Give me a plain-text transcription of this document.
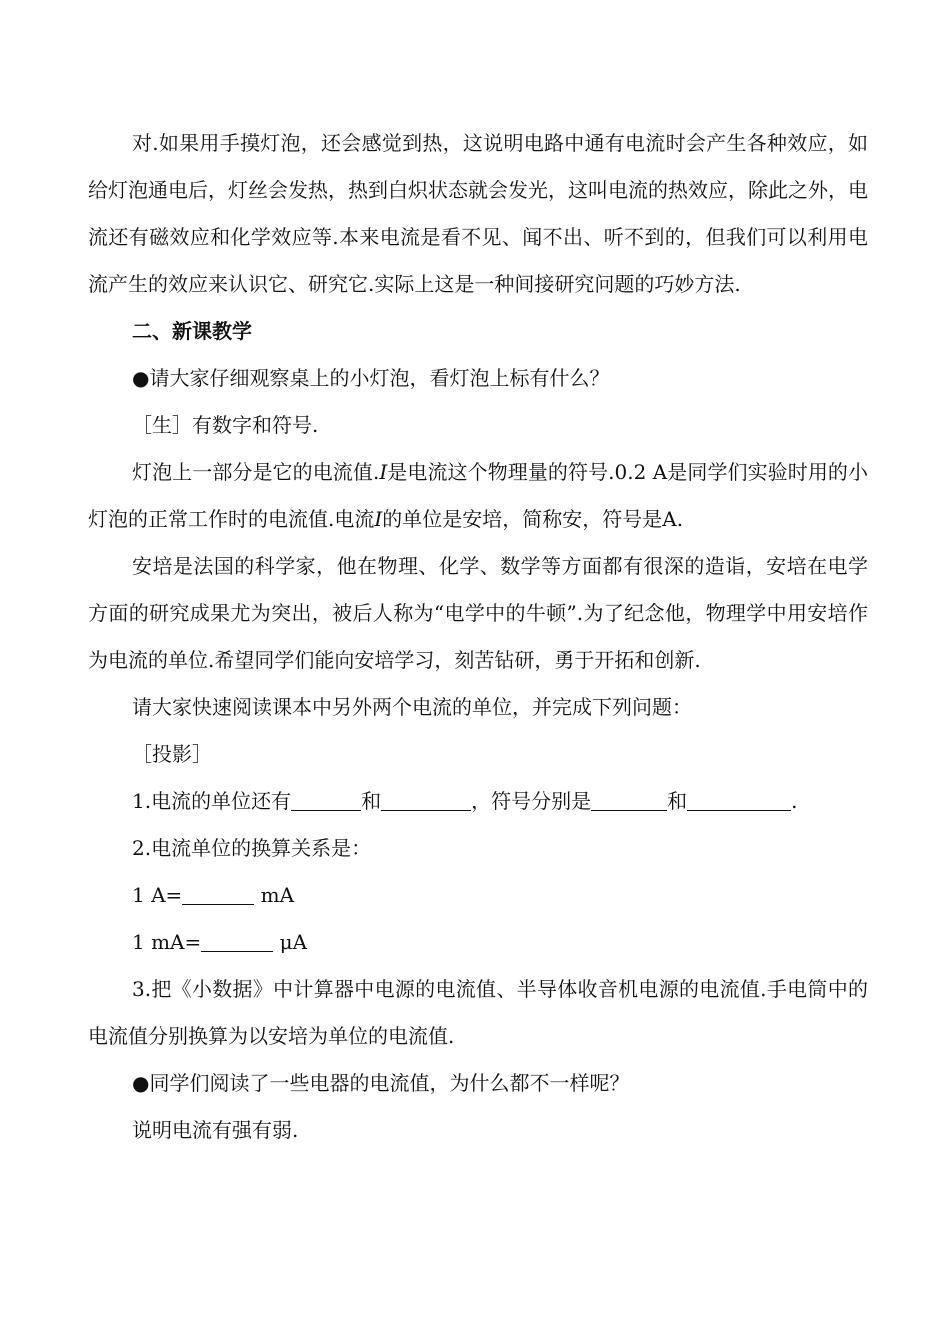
对.如果用手摸灯泡，还会感觉到热，这说明电路中通有电流时会产生各种效应，如给灯泡通电后，灯丝会发热，热到白炽状态就会发光，这叫电流的热效应，除此之外，电流还有磁效应和化学效应等.本来电流是看不见、闻不出、听不到的，但我们可以利用电流产生的效应来认识它、研究它.实际上这是一种间接研究问题的巧妙方法.

二、新课教学

●请大家仔细观察桌上的小灯泡，看灯泡上标有什么？

［生］有数字和符号.

灯泡上一部分是它的电流值.I是电流这个物理量的符号.0.2 A是同学们实验时用的小灯泡的正常工作时的电流值.电流I的单位是安培，简称安，符号是A.

安培是法国的科学家，他在物理、化学、数学等方面都有很深的造诣，安培在电学方面的研究成果尤为突出，被后人称为“电学中的牛顿”.为了纪念他，物理学中用安培作为电流的单位.希望同学们能向安培学习，刻苦钻研，勇于开拓和创新.

请大家快速阅读课本中另外两个电流的单位，并完成下列问题：

［投影］

1.电流的单位还有	和	，符号分别是	和	.

2.电流单位的换算关系是：

1 A=	mA

1 mA=	μA

3.把《小数据》中计算器中电源的电流值、半导体收音机电源的电流值.手电筒中的电流值分别换算为以安培为单位的电流值.

●同学们阅读了一些电器的电流值，为什么都不一样呢？

说明电流有强有弱.
